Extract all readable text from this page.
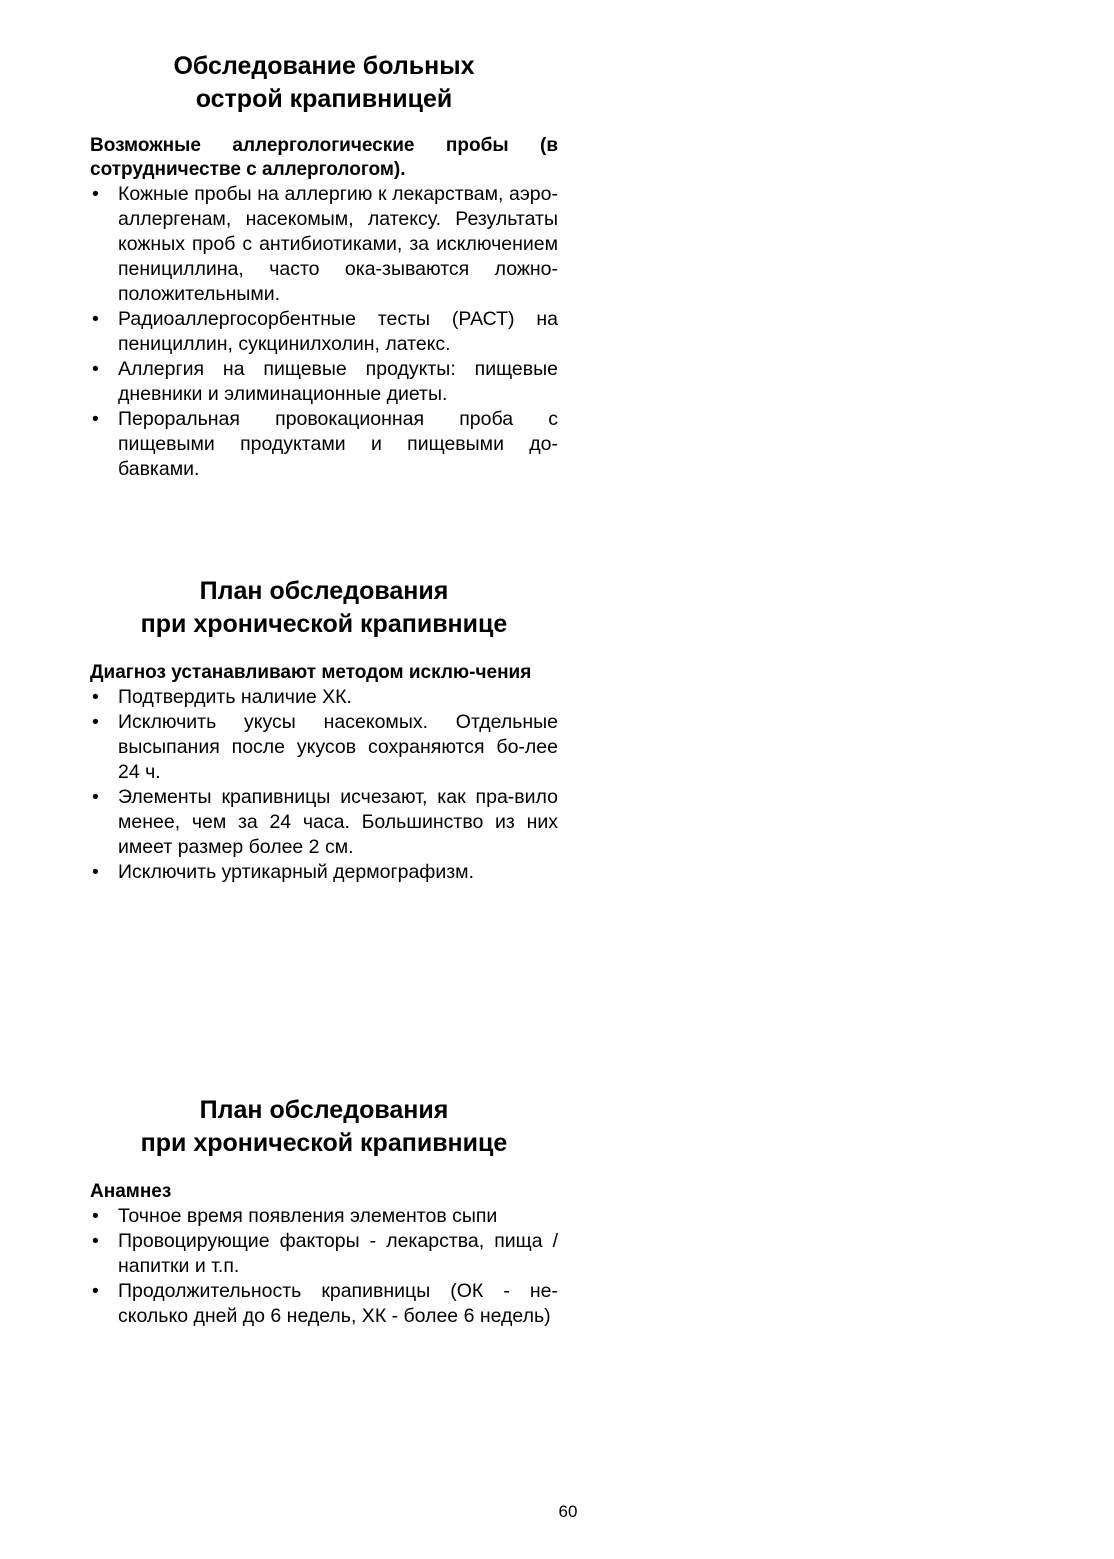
Обследование больных
острой крапивницей

Возможные аллергологические пробы (в сотрудничестве с аллергологом).

• Кожные пробы на аллергию к лекарствам, аэро-аллергенам, насекомым, латексу. Результаты кожных проб с антибиотиками, за исключением пенициллина, часто ока-зываются ложно-положительными.
• Радиоаллергосорбентные тесты (РАСТ) на пенициллин, сукцинилхолин, латекс.
• Аллергия на пищевые продукты: пищевые дневники и элиминационные диеты.
• Пероральная провокационная проба с пищевыми продуктами и пищевыми до-бавками.
План обследования
при хронической крапивнице

Диагноз устанавливают методом исклю-чения

• Подтвердить наличие ХК.
• Исключить укусы насекомых. Отдельные высыпания после укусов сохраняются бо-лее 24 ч.
• Элементы крапивницы исчезают, как пра-вило менее, чем за 24 часа. Большинство из них имеет размер более 2 см.
• Исключить уртикарный дермографизм.
План обследования
при хронической крапивнице

Анамнез

• Точное время появления элементов сыпи
• Провоцирующие факторы - лекарства, пища / напитки и т.п.
• Продолжительность крапивницы (ОК - не-сколько дней до 6 недель, ХК - более 6 недель)
60
